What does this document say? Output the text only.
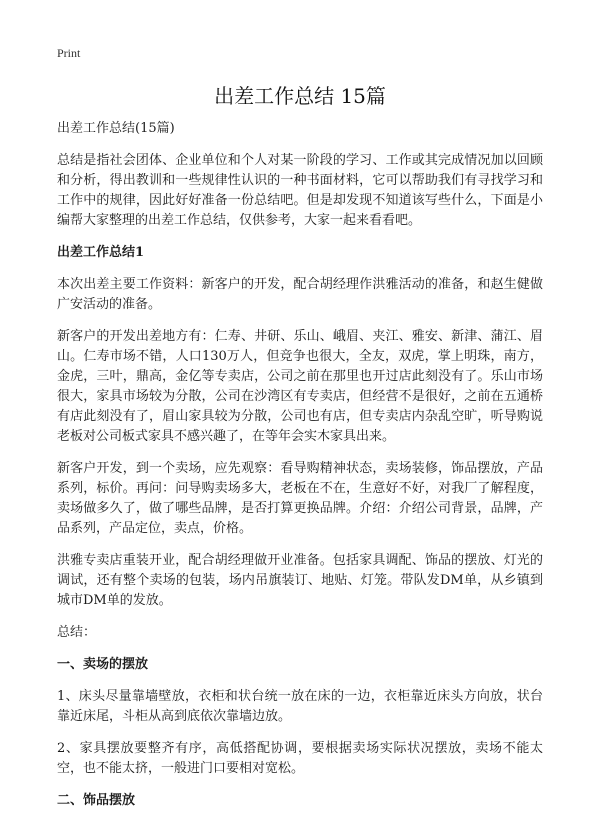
Print
出差工作总结 15篇

出差工作总结(15篇)

总结是指社会团体、企业单位和个人对某一阶段的学习、工作或其完成情况加以回顾和分析，得出教训和一些规律性认识的一种书面材料，它可以帮助我们有寻找学习和工作中的规律，因此好好准备一份总结吧。但是却发现不知道该写些什么，下面是小编帮大家整理的出差工作总结，仅供参考，大家一起来看看吧。

出差工作总结1

本次出差主要工作资料：新客户的开发，配合胡经理作洪雅活动的准备，和赵生健做广安活动的准备。

新客户的开发出差地方有：仁寿、井研、乐山、峨眉、夹江、雅安、新津、蒲江、眉山。仁寿市场不错，人口130万人，但竞争也很大，全友，双虎，掌上明珠，南方，金虎，三叶，鼎高，金亿等专卖店，公司之前在那里也开过店此刻没有了。乐山市场很大，家具市场较为分散，公司在沙湾区有专卖店，但经营不是很好，之前在五通桥有店此刻没有了，眉山家具较为分散，公司也有店，但专卖店内杂乱空旷，听导购说老板对公司板式家具不感兴趣了，在等年会实木家具出来。

新客户开发，到一个卖场，应先观察：看导购精神状态，卖场装修，饰品摆放，产品系列，标价。再问：问导购卖场多大，老板在不在，生意好不好，对我厂了解程度，卖场做多久了，做了哪些品牌，是否打算更换品牌。介绍：介绍公司背景，品牌，产品系列，产品定位，卖点，价格。

洪雅专卖店重装开业，配合胡经理做开业准备。包括家具调配、饰品的摆放、灯光的调试，还有整个卖场的包装，场内吊旗装订、地贴、灯笼。带队发DM单，从乡镇到城市DM单的发放。

总结：

一、卖场的摆放

1、床头尽量靠墙壁放，衣柜和状台统一放在床的一边，衣柜靠近床头方向放，状台靠近床尾，斗柜从高到底依次靠墙边放。

2、家具摆放要整齐有序，高低搭配协调，要根据卖场实际状况摆放，卖场不能太空，也不能太挤，一般进门口要相对宽松。

二、饰品摆放
